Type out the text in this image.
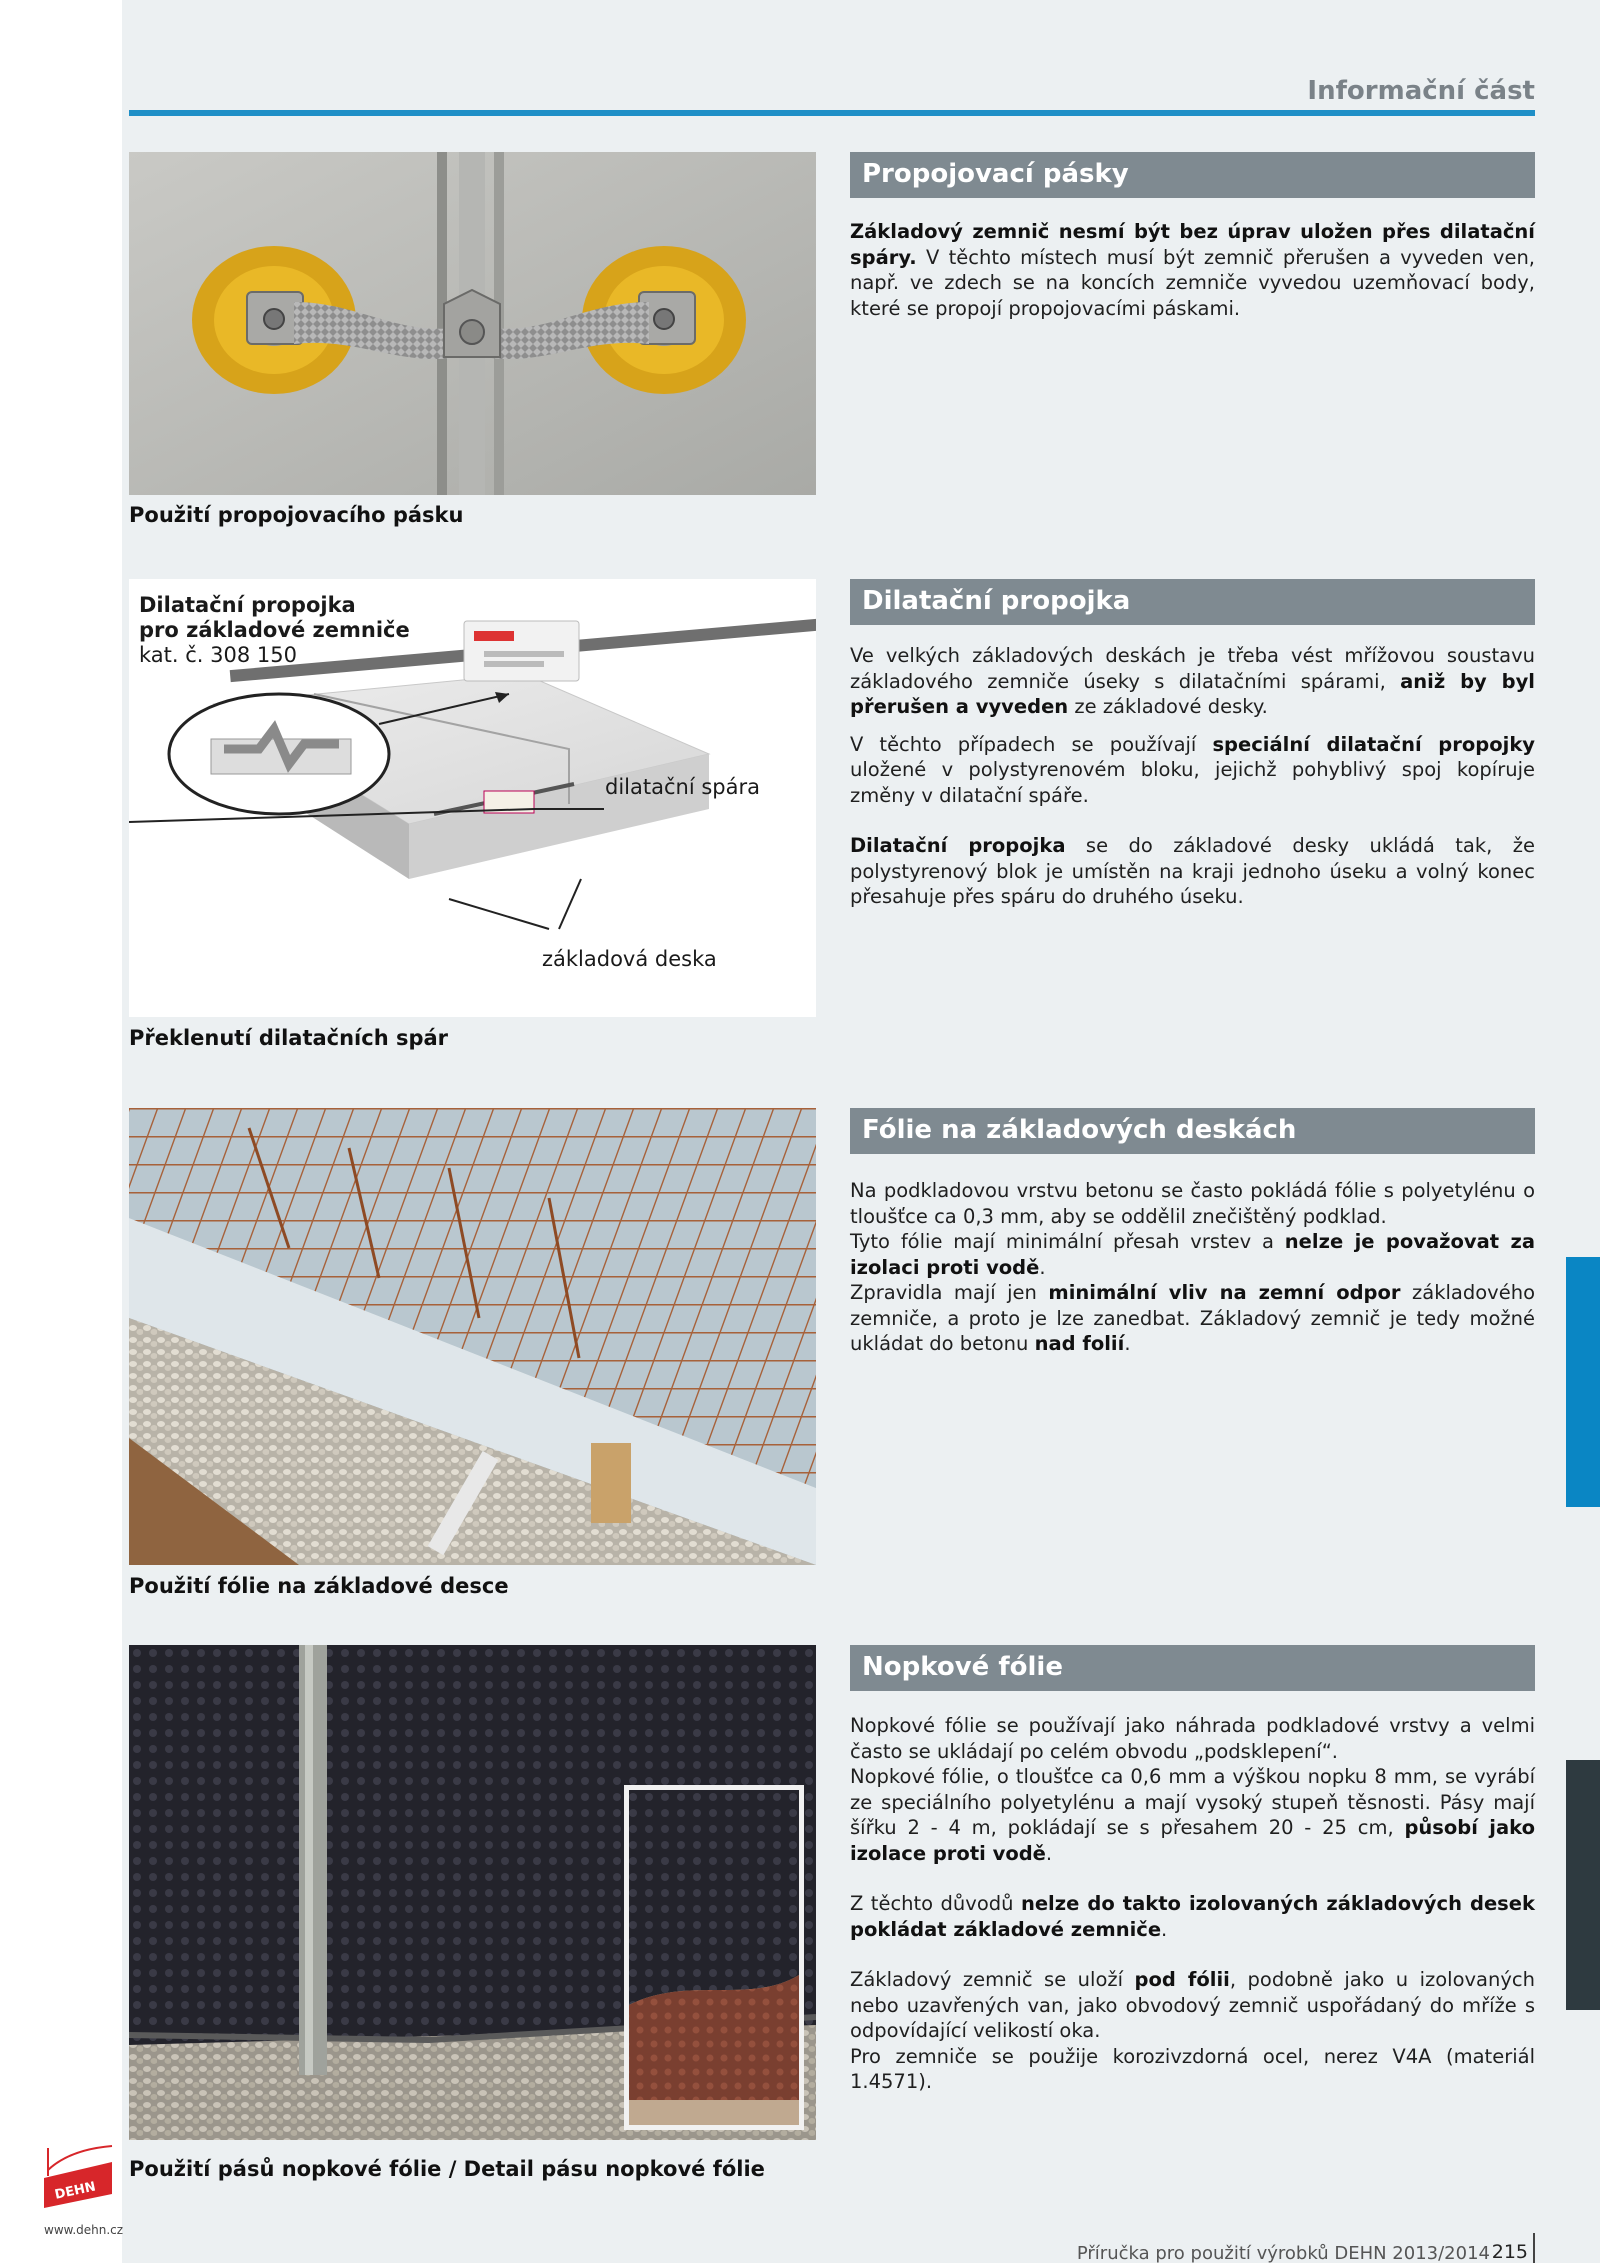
Informační část
Použití propojovacího pásku
Propojovací pásky

Základový zemnič nesmí být bez úprav uložen přes dilatační spáry. V těchto místech musí být zemnič přerušen a vyveden ven, např. ve zdech se na koncích zemniče vyvedou uzemňovací body, které se propojí propojovacími páskami.

Dilatační propojka
pro základové zemniče
kat. č. 308 150
dilatační spára
základová deska
Překlenutí dilatačních spár
Dilatační propojka

Ve velkých základových deskách je třeba vést mřížovou soustavu základového zemniče úseky s dilatačními spárami, aniž by byl přerušen a vyveden ze základové desky.

V těchto případech se používají speciální dilatační propojky uložené v polystyrenovém bloku, jejichž pohyblivý spoj kopíruje změny v dilatační spáře.

Dilatační propojka se do základové desky ukládá tak, že polystyrenový blok je umístěn na kraji jednoho úseku a volný konec přesahuje přes spáru do druhého úseku.

Použití fólie na základové desce
Fólie na základových deskách

Na podkladovou vrstvu betonu se často pokládá fólie s polyetylénu o tloušťce ca 0,3 mm, aby se oddělil znečištěný podklad.

Tyto fólie mají minimální přesah vrstev a nelze je považovat za izolaci proti vodě.

Zpravidla mají jen minimální vliv na zemní odpor základového zemniče, a proto je lze zanedbat. Základový zemnič je tedy možné ukládat do betonu nad folií.

Použití pásů nopkové fólie / Detail pásu nopkové fólie
Nopkové fólie

Nopkové fólie se používají jako náhrada podkladové vrstvy a velmi často se ukládají po celém obvodu „podsklepení“.

Nopkové fólie, o tloušťce ca 0,6 mm a výškou nopku 8 mm, se vyrábí ze speciálního polyetylénu a mají vysoký stupeň těsnosti. Pásy mají šířku 2 - 4 m, pokládají se s přesahem 20 - 25 cm, působí jako izolace proti vodě.

Z těchto důvodů nelze do takto izolovaných základových desek pokládat základové zemniče.

Základový zemnič se uloží pod fólii, podobně jako u izolovaných nebo uzavřených van, jako obvodový zemnič uspořádaný do mříže s odpovídající velikostí oka.

Pro zemniče se použije korozivzdorná ocel, nerez V4A (materiál 1.4571).

DEHN
www.dehn.cz
Příručka pro použití výrobků DEHN 2013/2014 215
